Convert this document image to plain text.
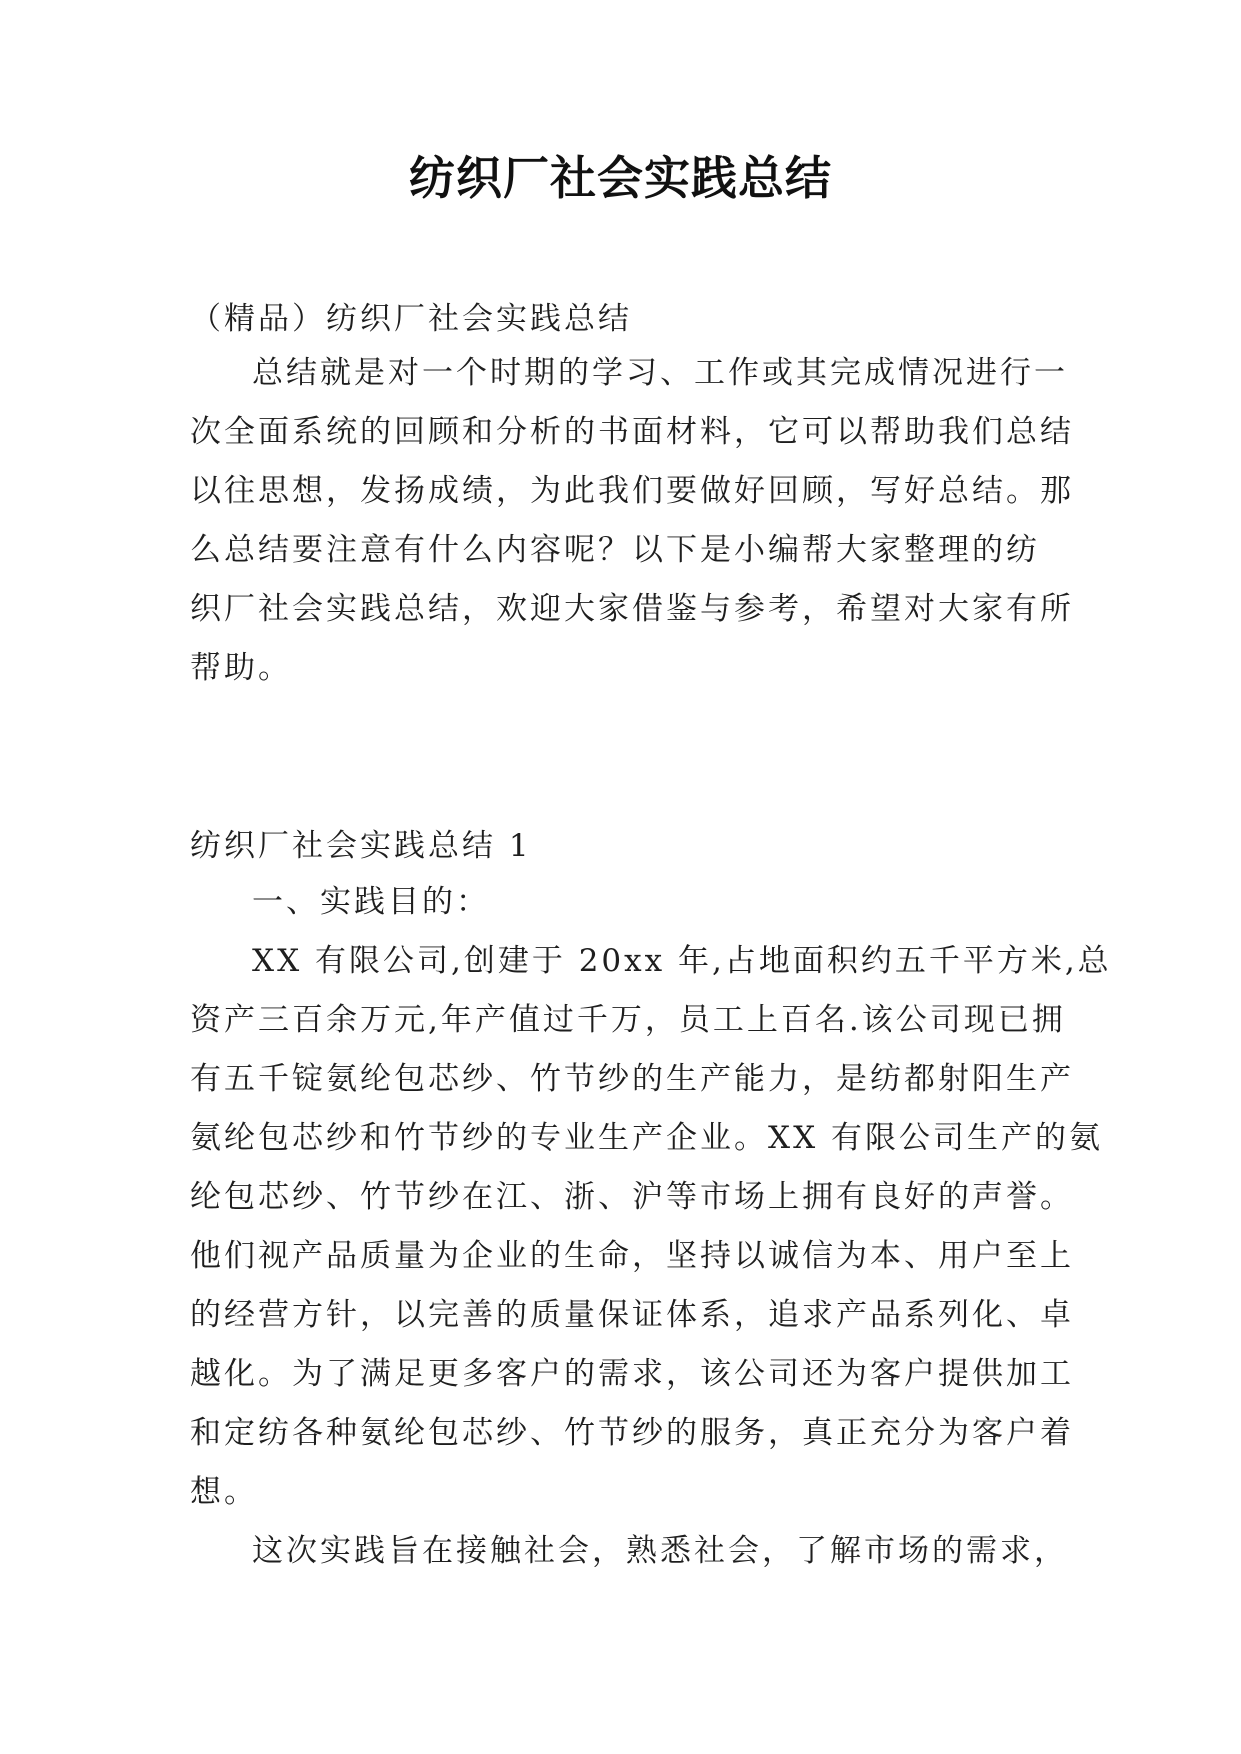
纺织厂社会实践总结
（精品）纺织厂社会实践总结
总结就是对一个时期的学习、工作或其完成情况进行一
次全面系统的回顾和分析的书面材料，它可以帮助我们总结
以往思想，发扬成绩，为此我们要做好回顾，写好总结。那
么总结要注意有什么内容呢？以下是小编帮大家整理的纺
织厂社会实践总结，欢迎大家借鉴与参考，希望对大家有所
帮助。
纺织厂社会实践总结 1
一、实践目的：
XX 有限公司,创建于 20xx 年,占地面积约五千平方米,总
资产三百余万元,年产值过千万，员工上百名.该公司现已拥
有五千锭氨纶包芯纱、竹节纱的生产能力，是纺都射阳生产
氨纶包芯纱和竹节纱的专业生产企业。XX 有限公司生产的氨
纶包芯纱、竹节纱在江、浙、沪等市场上拥有良好的声誉。
他们视产品质量为企业的生命，坚持以诚信为本、用户至上
的经营方针，以完善的质量保证体系，追求产品系列化、卓
越化。为了满足更多客户的需求，该公司还为客户提供加工
和定纺各种氨纶包芯纱、竹节纱的服务，真正充分为客户着
想。
这次实践旨在接触社会，熟悉社会，了解市场的需求，
